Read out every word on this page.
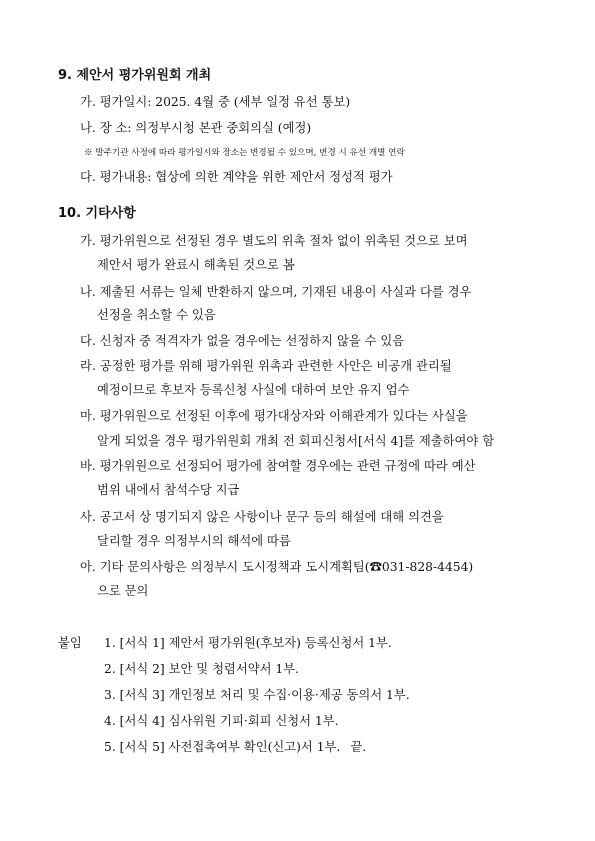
9. 제안서 평가위원회 개최
가. 평가일시: 2025. 4월 중 (세부 일정 유선 통보)
나. 장 소: 의정부시청 본관 중회의실 (예정)
※ 발주기관 사정에 따라 평가일시와 장소는 변경될 수 있으며, 변경 시 유선 개별 연락
다. 평가내용: 협상에 의한 계약을 위한 제안서 정성적 평가
10. 기타사항
가. 평가위원으로 선정된 경우 별도의 위촉 절차 없이 위촉된 것으로 보며
제안서 평가 완료시 해촉된 것으로 봄
나. 제출된 서류는 일체 반환하지 않으며, 기재된 내용이 사실과 다를 경우
선정을 취소할 수 있음
다. 신청자 중 적격자가 없을 경우에는 선정하지 않을 수 있음
라. 공정한 평가를 위해 평가위원 위촉과 관련한 사안은 비공개 관리될
예정이므로 후보자 등록신청 사실에 대하여 보안 유지 엄수
마. 평가위원으로 선정된 이후에 평가대상자와 이해관계가 있다는 사실을
알게 되었을 경우 평가위원회 개최 전 회피신청서[서식 4]를 제출하여야 함
바. 평가위원으로 선정되어 평가에 참여할 경우에는 관련 규정에 따라 예산
범위 내에서 참석수당 지급
사. 공고서 상 명기되지 않은 사항이나 문구 등의 해설에 대해 의견을
달리할 경우 의정부시의 해석에 따름
아. 기타 문의사항은 의정부시 도시정책과 도시계획팀(☎031-828-4454)
으로 문의
붙임 1. [서식 1] 제안서 평가위원(후보자) 등록신청서 1부.
2. [서식 2] 보안 및 청렴서약서 1부.
3. [서식 3] 개인정보 처리 및 수집·이용·제공 동의서 1부.
4. [서식 4] 심사위원 기피·회피 신청서 1부.
5. [서식 5] 사전접촉여부 확인(신고)서 1부. 끝.
